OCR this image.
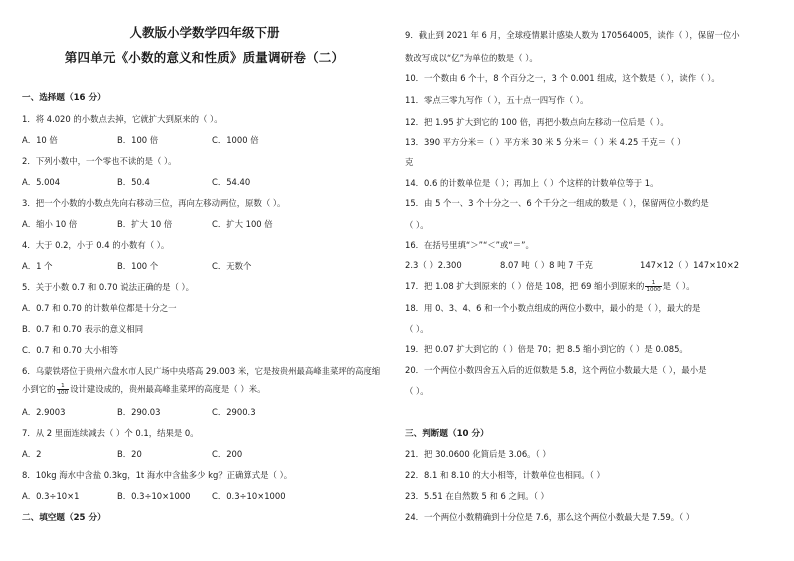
人教版小学数学四年级下册
第四单元《小数的意义和性质》质量调研卷（二）
一、选择题（16 分）
1．将 4.020 的小数点去掉，它就扩大到原来的（ ）。
A．10 倍	B．100 倍	C．1000 倍
2．下列小数中，一个零也不读的是（ ）。
A．5.004	B．50.4	C．54.40
3．把一个小数的小数点先向右移动三位，再向左移动两位，原数（ ）。
A．缩小 10 倍	B．扩大 10 倍	C．扩大 100 倍
4．大于 0.2，小于 0.4 的小数有（ ）。
A．1 个	B．100 个	C．无数个
5．关于小数 0.7 和 0.70 说法正确的是（ ）。
A．0.7 和 0.70 的计数单位都是十分之一
B．0.7 和 0.70 表示的意义相同
C．0.7 和 0.70 大小相等
6．乌蒙铁塔位于贵州六盘水市人民广场中央塔高 29.003 米，它是按贵州最高峰韭菜坪的高度缩
小到它的 $\frac{1}{100}$ 设计建设成的，贵州最高峰韭菜坪的高度是（ ）米。
A．2.9003	B．290.03	C．2900.3
7．从 2 里面连续减去（ ）个 0.1，结果是 0。
A．2	B．20	C．200
8．10kg 海水中含盐 0.3kg，1t 海水中含盐多少 kg？正确算式是（ ）。
A．0.3÷10×1	B．0.3÷10×1000	C．0.3÷10×1000
二、填空题（25 分）
9．截止到 2021 年 6 月，全球疫情累计感染人数为 170564005，读作（ ），保留一位小
数改写成以“亿”为单位的数是（ ）。
10．一个数由 6 个十，8 个百分之一，3 个 0.001 组成，这个数是（ ），读作（ ）。
11．零点三零九写作（ ），五十点一四写作（ ）。
12．把 1.95 扩大到它的 100 倍，再把小数点向左移动一位后是（ ）。
13．390 平方分米＝（ ）平方米 30 米 5 分米＝（ ）米 4.25 千克＝（ ）
克
14．0.6 的计数单位是（ ）；再加上（ ）个这样的计数单位等于 1。
15．由 5 个一、3 个十分之一、6 个千分之一组成的数是（ ），保留两位小数约是
（ ）。
16．在括号里填“＞”“＜”或“＝”。
2.3（ ）2.300	8.07 吨（ ）8 吨 7 千克	147×12（ ）147×10×2
17．把 1.08 扩大到原来的（ ）倍是 108，把 69 缩小到原来的 $\frac{1}{1000}$ 是（ ）。
18．用 0、3、4、6 和一个小数点组成的两位小数中，最小的是（ ），最大的是
（ ）。
19．把 0.07 扩大到它的（ ）倍是 70；把 8.5 缩小到它的（ ）是 0.085。
20．一个两位小数四舍五入后的近似数是 5.8，这个两位小数最大是（ ），最小是
（ ）。
三、判断题（10 分）
21．把 30.0600 化简后是 3.06。（ ）
22．8.1 和 8.10 的大小相等，计数单位也相同。（ ）
23．5.51 在自然数 5 和 6 之间。（ ）
24．一个两位小数精确到十分位是 7.6，那么这个两位小数最大是 7.59。（ ）
